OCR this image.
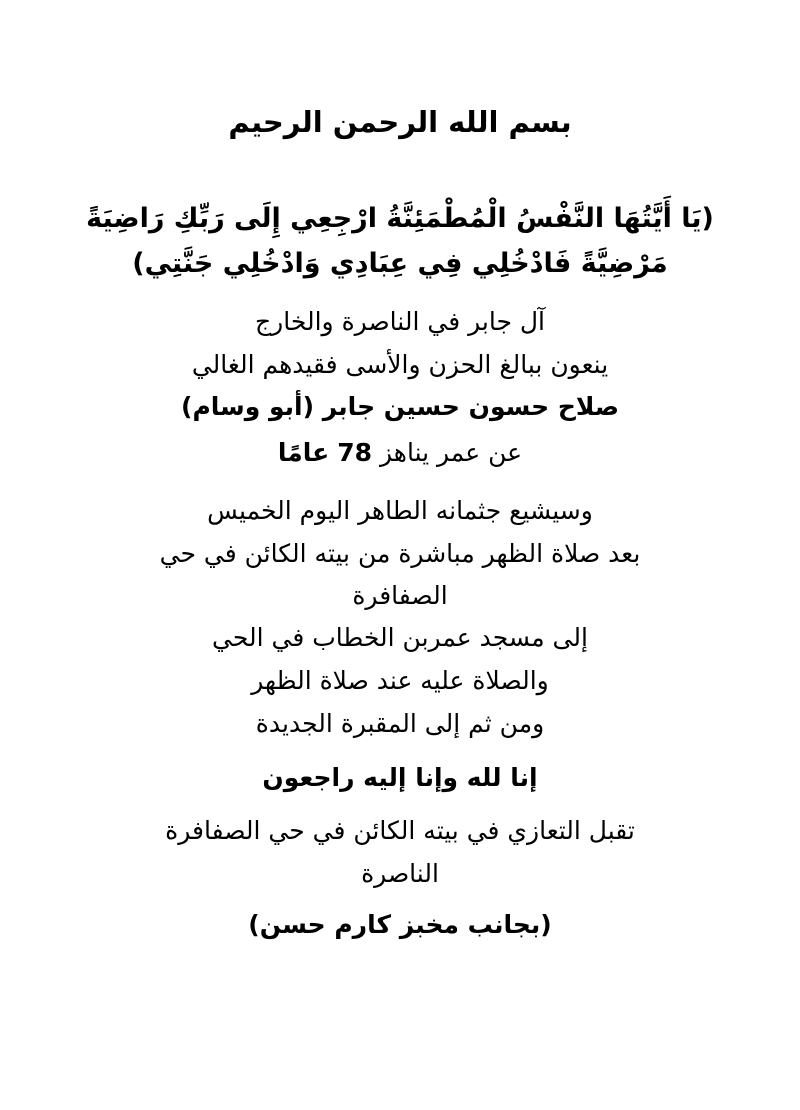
بسم الله الرحمن الرحيم
(يَا أَيَّتُهَا النَّفْسُ الْمُطْمَئِنَّةُ ارْجِعِي إِلَى رَبِّكِ رَاضِيَةً
مَرْضِيَّةً فَادْخُلِي فِي عِبَادِي وَادْخُلِي جَنَّتِي)
آل جابر في الناصرة والخارج
ينعون ببالغ الحزن والأسى فقيدهم الغالي
صلاح حسون حسين جابر (أبو وسام)
عن عمر يناهز 78 عامًا
وسيشيع جثمانه الطاهر اليوم الخميس
بعد صلاة الظهر مباشرة من بيته الكائن في حي
الصفافرة
إلى مسجد عمربن الخطاب في الحي
والصلاة عليه عند صلاة الظهر
ومن ثم إلى المقبرة الجديدة
إنا لله وإنا إليه راجعون
تقبل التعازي في بيته الكائن في حي الصفافرة
الناصرة
(بجانب مخبز كارم حسن)
